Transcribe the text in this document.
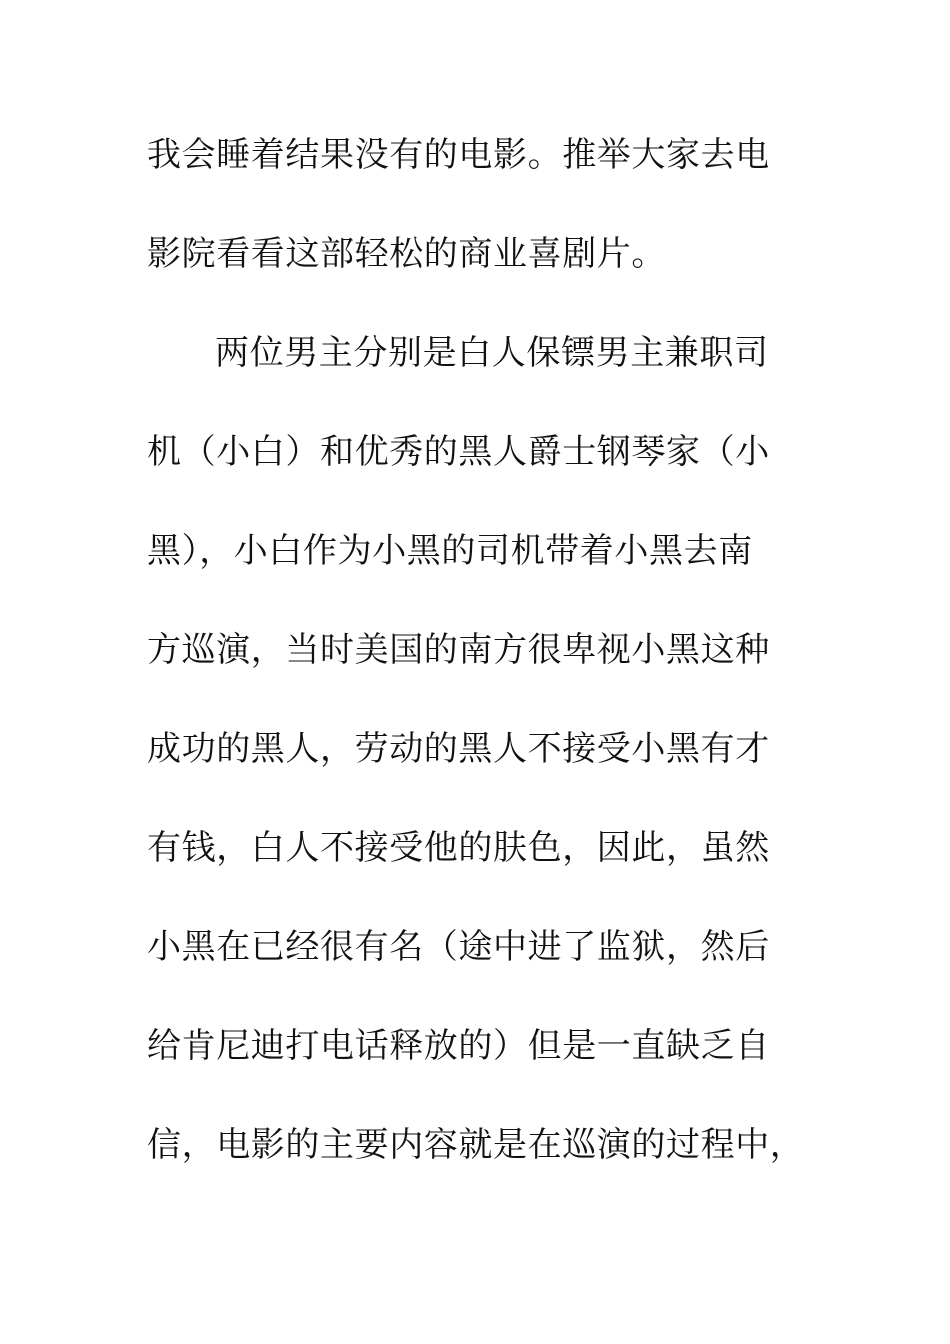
我会睡着结果没有的电影。推举大家去电
影院看看这部轻松的商业喜剧片。
两位男主分别是白人保镖男主兼职司
机（小白）和优秀的黑人爵士钢琴家（小
黑），小白作为小黑的司机带着小黑去南
方巡演，当时美国的南方很卑视小黑这种
成功的黑人，劳动的黑人不接受小黑有才
有钱，白人不接受他的肤色，因此，虽然
小黑在已经很有名（途中进了监狱，然后
给肯尼迪打电话释放的）但是一直缺乏自
信，电影的主要内容就是在巡演的过程中，
